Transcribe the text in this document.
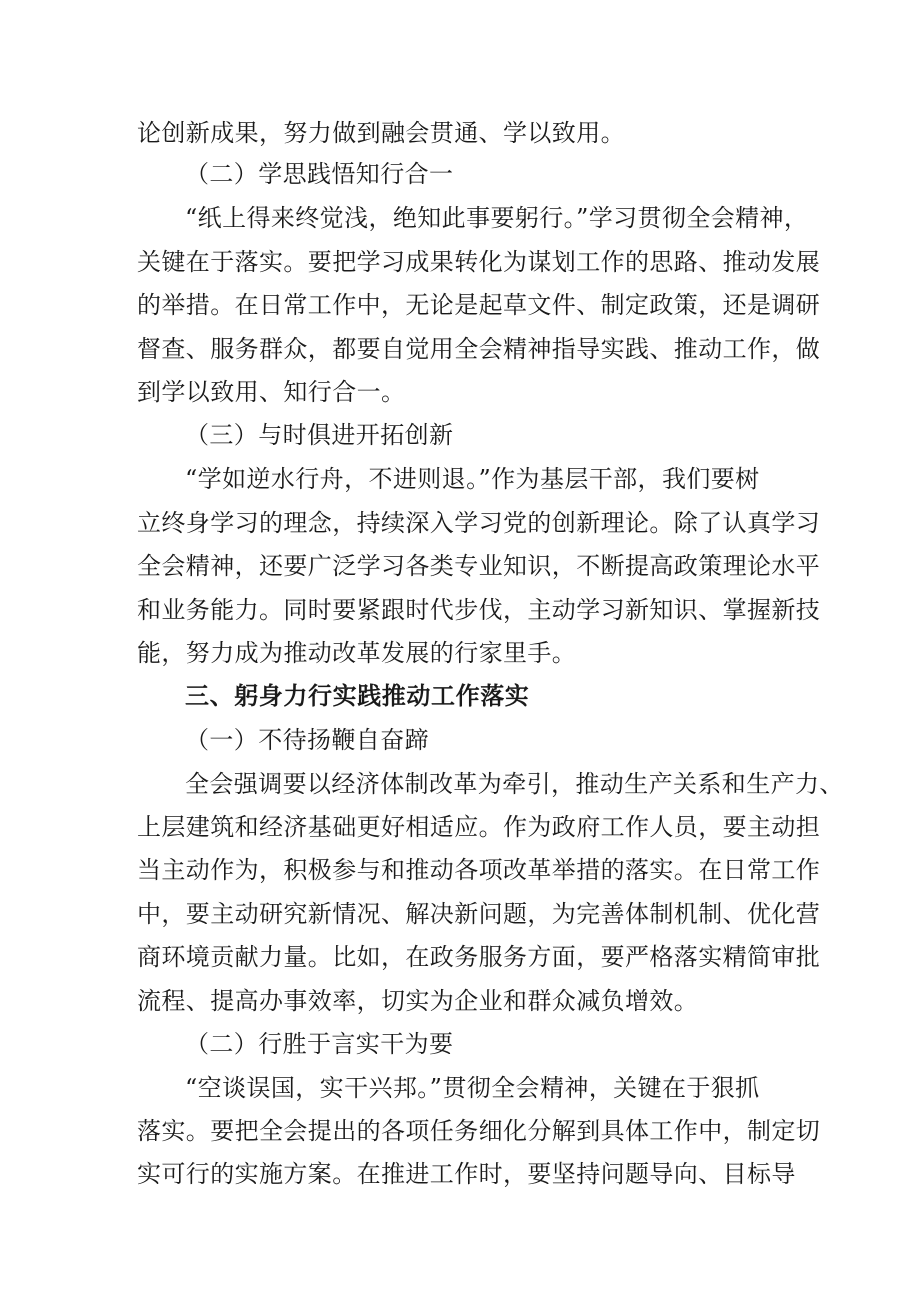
论创新成果，努力做到融会贯通、学以致用。
（二）学思践悟知行合一
“纸上得来终觉浅，绝知此事要躬行。”学习贯彻全会精神，
关键在于落实。要把学习成果转化为谋划工作的思路、推动发展
的举措。在日常工作中，无论是起草文件、制定政策，还是调研
督查、服务群众，都要自觉用全会精神指导实践、推动工作，做
到学以致用、知行合一。
（三）与时俱进开拓创新
“学如逆水行舟，不进则退。”作为基层干部，我们要树
立终身学习的理念，持续深入学习党的创新理论。除了认真学习
全会精神，还要广泛学习各类专业知识，不断提高政策理论水平
和业务能力。同时要紧跟时代步伐，主动学习新知识、掌握新技
能，努力成为推动改革发展的行家里手。
三、躬身力行实践推动工作落实
（一）不待扬鞭自奋蹄
全会强调要以经济体制改革为牵引，推动生产关系和生产力、
上层建筑和经济基础更好相适应。作为政府工作人员，要主动担
当主动作为，积极参与和推动各项改革举措的落实。在日常工作
中，要主动研究新情况、解决新问题，为完善体制机制、优化营
商环境贡献力量。比如，在政务服务方面，要严格落实精简审批
流程、提高办事效率，切实为企业和群众减负增效。
（二）行胜于言实干为要
“空谈误国，实干兴邦。”贯彻全会精神，关键在于狠抓
落实。要把全会提出的各项任务细化分解到具体工作中，制定切
实可行的实施方案。在推进工作时，要坚持问题导向、目标导
